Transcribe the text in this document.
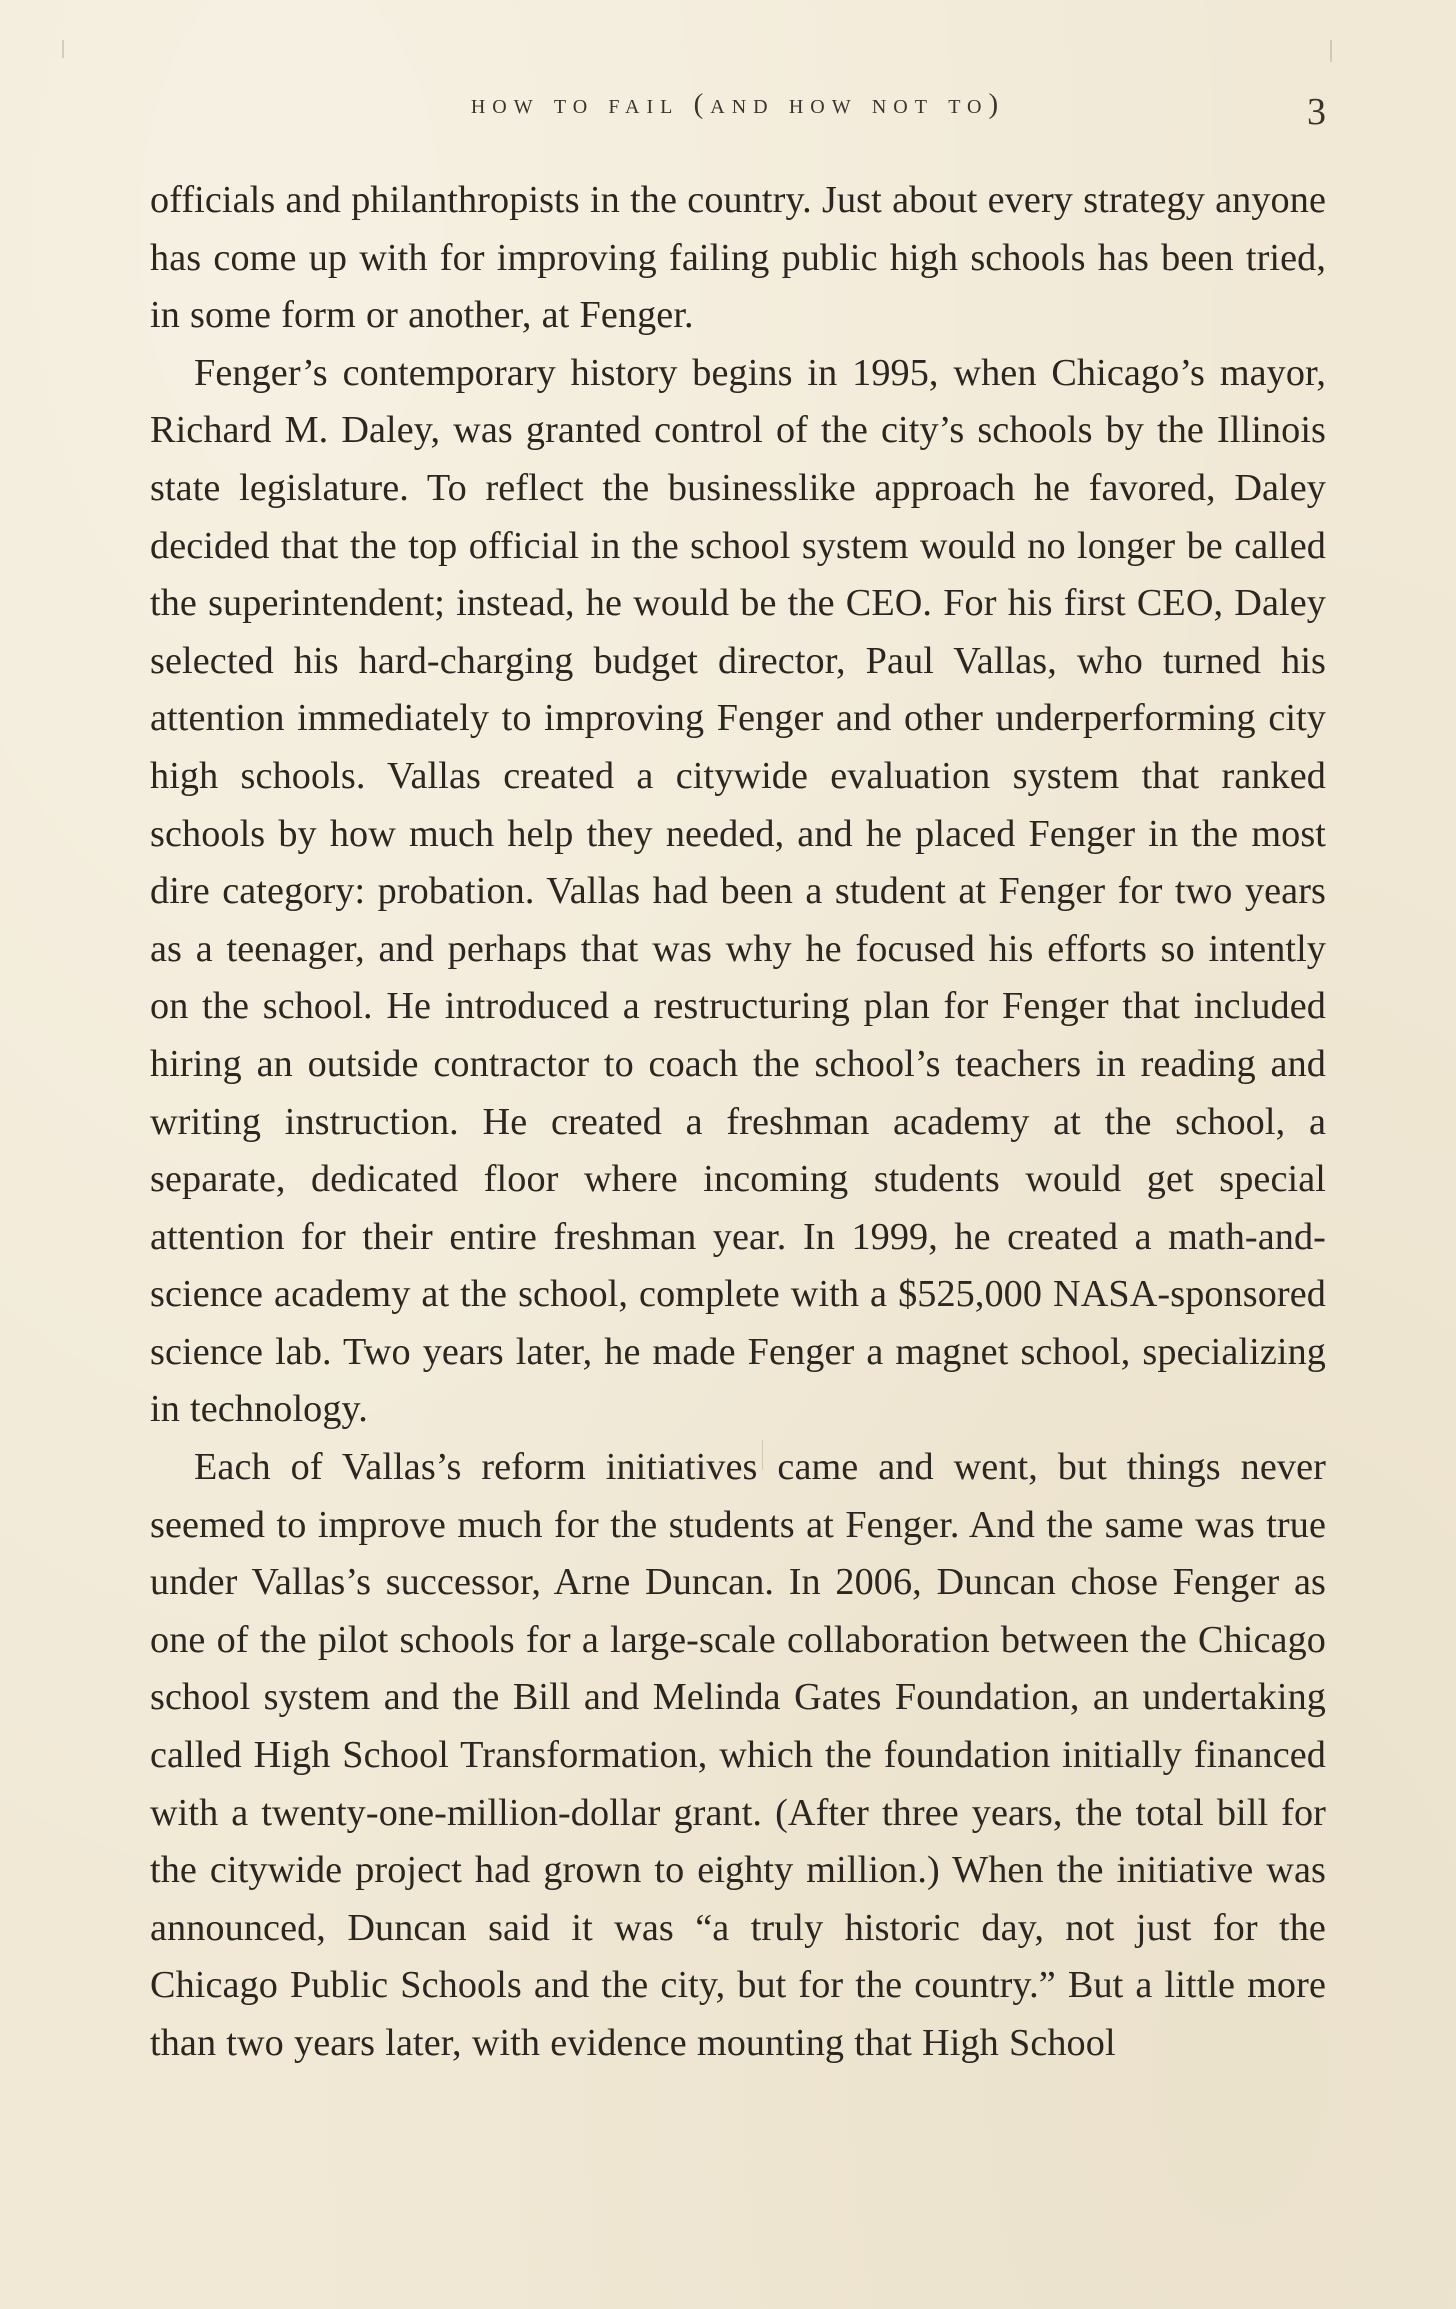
how to fail (and how not to)	3

officials and philanthropists in the country. Just about every strategy anyone has come up with for improving failing public high schools has been tried, in some form or another, at Fenger.

Fenger’s contemporary history begins in 1995, when Chicago’s mayor, Richard M. Daley, was granted control of the city’s schools by the Illinois state legislature. To reflect the businesslike approach he favored, Daley decided that the top official in the school system would no longer be called the superintendent; instead, he would be the CEO. For his first CEO, Daley selected his hard-charging budget director, Paul Vallas, who turned his attention immediately to improving Fenger and other underperforming city high schools. Vallas created a citywide evaluation system that ranked schools by how much help they needed, and he placed Fenger in the most dire category: probation. Vallas had been a student at Fenger for two years as a teenager, and perhaps that was why he focused his efforts so intently on the school. He introduced a restructuring plan for Fenger that included hiring an outside contractor to coach the school’s teachers in reading and writing instruction. He created a freshman academy at the school, a separate, dedicated floor where incoming students would get special attention for their entire freshman year. In 1999, he created a math-and-science academy at the school, complete with a $525,000 NASA-sponsored science lab. Two years later, he made Fenger a magnet school, specializing in technology.

Each of Vallas’s reform initiatives came and went, but things never seemed to improve much for the students at Fenger. And the same was true under Vallas’s successor, Arne Duncan. In 2006, Duncan chose Fenger as one of the pilot schools for a large-scale collaboration between the Chicago school system and the Bill and Melinda Gates Foundation, an undertaking called High School Transformation, which the foundation initially financed with a twenty-one-million-dollar grant. (After three years, the total bill for the citywide project had grown to eighty million.) When the initiative was announced, Duncan said it was “a truly historic day, not just for the Chicago Public Schools and the city, but for the country.” But a little more than two years later, with evidence mounting that High School
